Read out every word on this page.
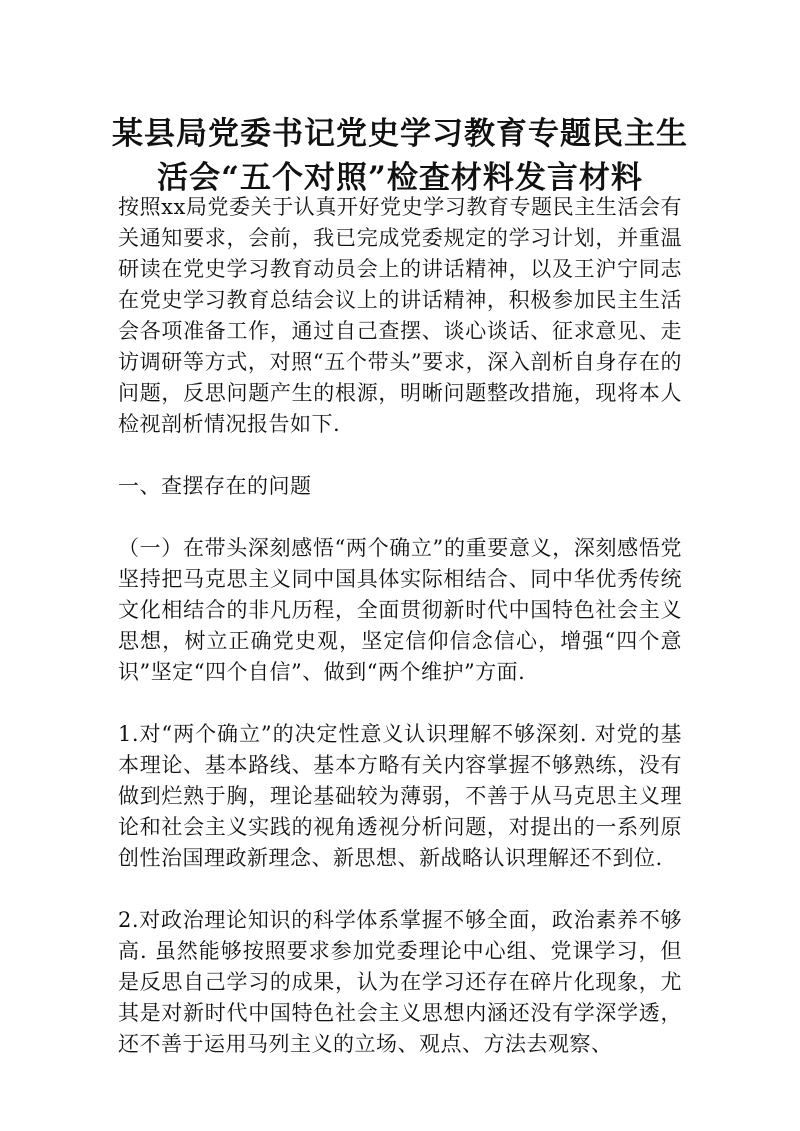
某县局党委书记党史学习教育专题民主生
活会“五个对照”检查材料发言材料

按照xx局党委关于认真开好党史学习教育专题民主生活会有关通知要求，会前，我已完成党委规定的学习计划，并重温研读在党史学习教育动员会上的讲话精神，以及王沪宁同志在党史学习教育总结会议上的讲话精神，积极参加民主生活会各项准备工作，通过自己查摆、谈心谈话、征求意见、走访调研等方式，对照“五个带头”要求，深入剖析自身存在的问题，反思问题产生的根源，明晰问题整改措施，现将本人检视剖析情况报告如下.

一、查摆存在的问题

（一）在带头深刻感悟“两个确立”的重要意义，深刻感悟党坚持把马克思主义同中国具体实际相结合、同中华优秀传统文化相结合的非凡历程，全面贯彻新时代中国特色社会主义思想，树立正确党史观，坚定信仰信念信心，增强“四个意识”坚定“四个自信”、做到“两个维护”方面.

1.对“两个确立”的决定性意义认识理解不够深刻. 对党的基本理论、基本路线、基本方略有关内容掌握不够熟练，没有做到烂熟于胸，理论基础较为薄弱，不善于从马克思主义理论和社会主义实践的视角透视分析问题，对提出的一系列原创性治国理政新理念、新思想、新战略认识理解还不到位.

2.对政治理论知识的科学体系掌握不够全面，政治素养不够高. 虽然能够按照要求参加党委理论中心组、党课学习，但是反思自己学习的成果，认为在学习还存在碎片化现象，尤其是对新时代中国特色社会主义思想内涵还没有学深学透，还不善于运用马列主义的立场、观点、方法去观察、
